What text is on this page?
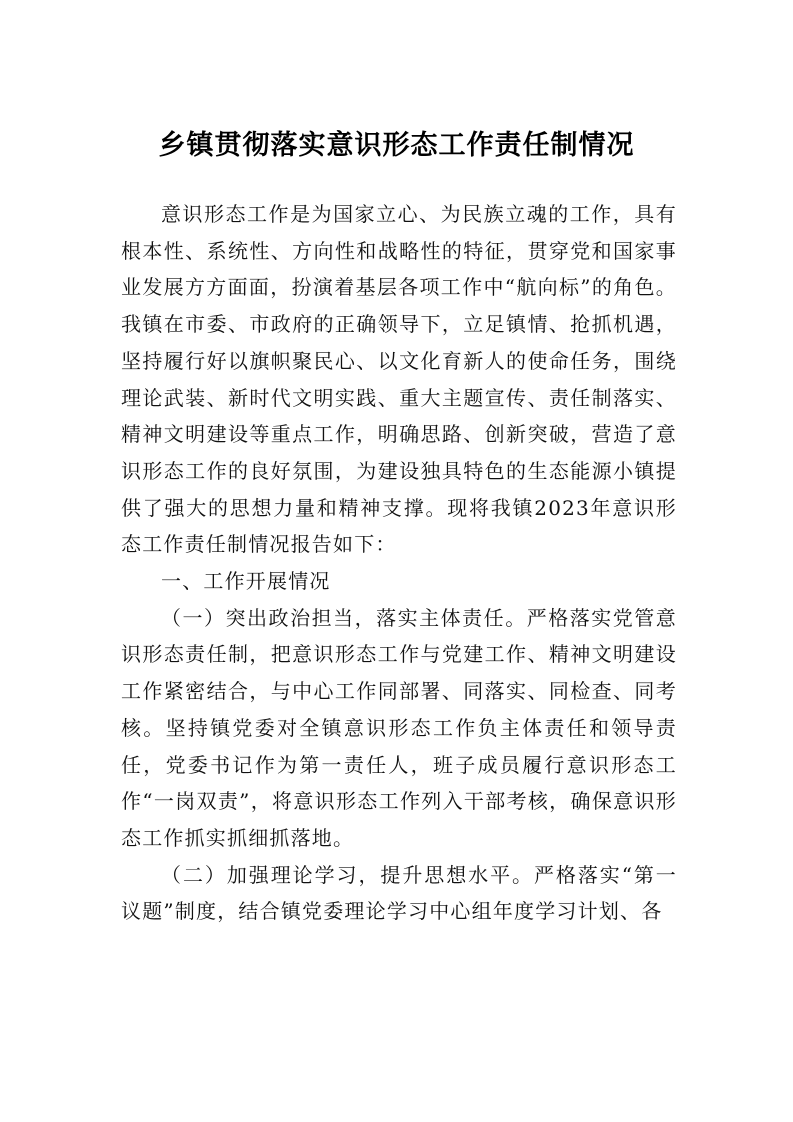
乡镇贯彻落实意识形态工作责任制情况

意识形态工作是为国家立心、为民族立魂的工作，具有根本性、系统性、方向性和战略性的特征，贯穿党和国家事业发展方方面面，扮演着基层各项工作中“航向标”的角色。我镇在市委、市政府的正确领导下，立足镇情、抢抓机遇，坚持履行好以旗帜聚民心、以文化育新人的使命任务，围绕理论武装、新时代文明实践、重大主题宣传、责任制落实、精神文明建设等重点工作，明确思路、创新突破，营造了意识形态工作的良好氛围，为建设独具特色的生态能源小镇提供了强大的思想力量和精神支撑。现将我镇2023年意识形态工作责任制情况报告如下：

一、工作开展情况

（一）突出政治担当，落实主体责任。严格落实党管意识形态责任制，把意识形态工作与党建工作、精神文明建设工作紧密结合，与中心工作同部署、同落实、同检查、同考核。坚持镇党委对全镇意识形态工作负主体责任和领导责任，党委书记作为第一责任人，班子成员履行意识形态工作“一岗双责”，将意识形态工作列入干部考核，确保意识形态工作抓实抓细抓落地。

（二）加强理论学习，提升思想水平。严格落实“第一议题”制度，结合镇党委理论学习中心组年度学习计划、各
